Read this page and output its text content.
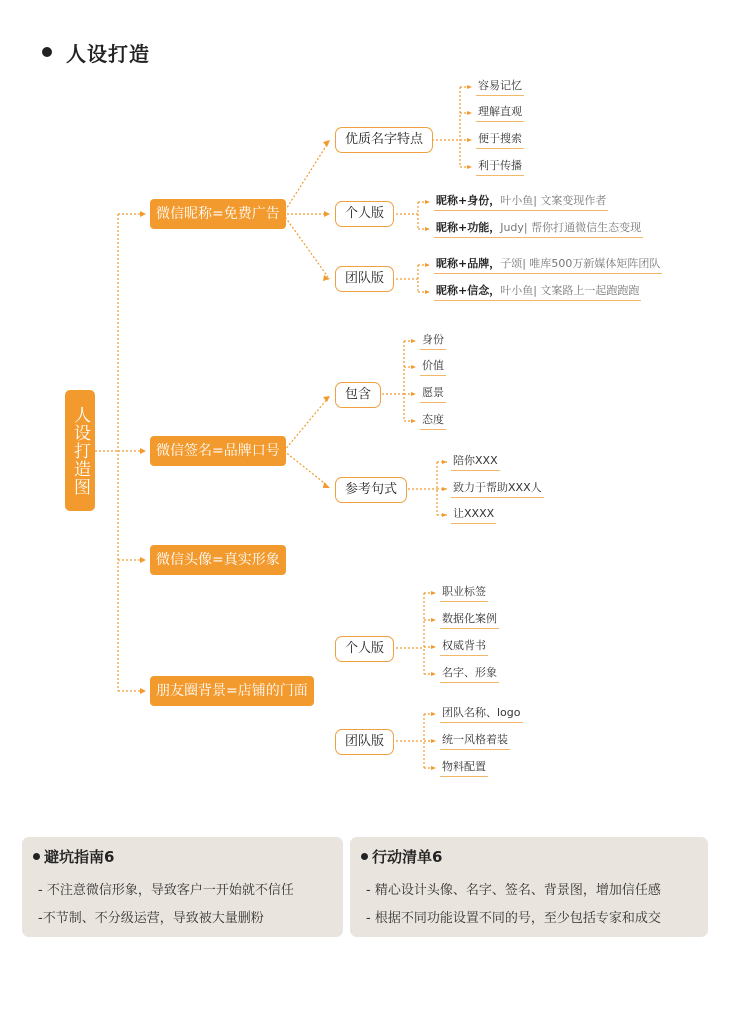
人设打造
人设打造图
微信昵称=免费广告
微信签名=品牌口号
微信头像=真实形象
朋友圈背景=店铺的门面
优质名字特点
个人版
团队版
容易记忆
理解直观
便于搜索
利于传播
昵称+身份，叶小鱼| 文案变现作者
昵称+功能，Judy| 帮你打通微信生态变现
昵称+品牌，子颂| 唯库500万新媒体矩阵团队
昵称+信念，叶小鱼| 文案路上一起跑跑跑
包含
参考句式
身份
价值
愿景
态度
陪你XXX
致力于帮助XXX人
让XXXX
个人版
团队版
职业标签
数据化案例
权威背书
名字、形象
团队名称、logo
统一风格着装
物料配置
避坑指南6
- 不注意微信形象，导致客户一开始就不信任
-不节制、不分级运营，导致被大量删粉
行动清单6
- 精心设计头像、名字、签名、背景图，增加信任感
- 根据不同功能设置不同的号，至少包括专家和成交
